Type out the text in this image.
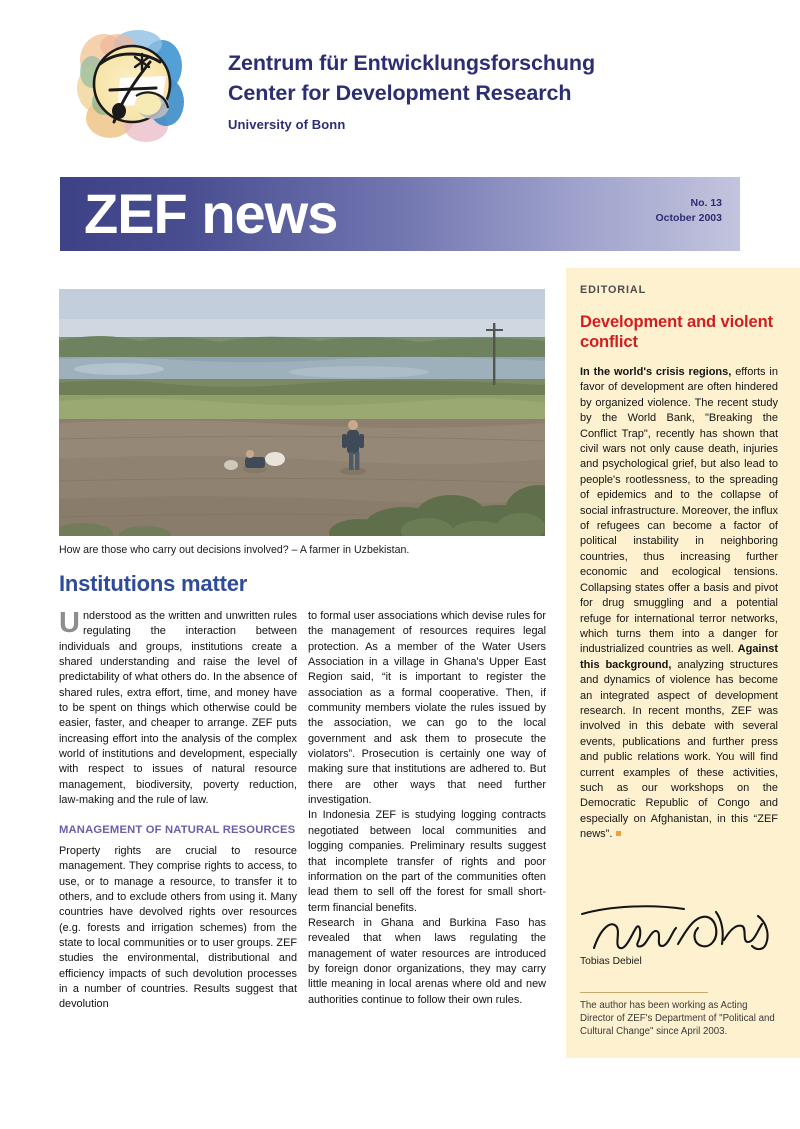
Zentrum für Entwicklungsforschung
Center for Development Research
University of Bonn
ZEF news	No. 13
October 2003
How are those who carry out decisions involved? – A farmer in Uzbekistan.
Institutions matter

Understood as the written and unwritten rules regulating the interaction between individuals and groups, institutions create a shared understanding and raise the level of predictability of what others do. In the absence of shared rules, extra effort, time, and money have to be spent on things which otherwise could be easier, faster, and cheaper to arrange. ZEF puts increasing effort into the analysis of the complex world of institutions and development, especially with respect to issues of natural resource management, biodiversity, poverty reduction, law-making and the rule of law.

MANAGEMENT OF NATURAL RESOURCES

Property rights are crucial to resource management. They comprise rights to access, to use, or to manage a resource, to transfer it to others, and to exclude others from using it. Many countries have devolved rights over resources (e.g. forests and irrigation schemes) from the state to local communities or to user groups. ZEF studies the environmental, distributional and efficiency impacts of such devolution processes in a number of countries. Results suggest that devolution

to formal user associations which devise rules for the management of resources requires legal protection. As a member of the Water Users Association in a village in Ghana's Upper East Region said, “it is important to register the association as a formal cooperative. Then, if community members violate the rules issued by the association, we can go to the local government and ask them to prosecute the violators”. Prosecution is certainly one way of making sure that institutions are adhered to. But there are other ways that need further investigation.

In Indonesia ZEF is studying logging contracts negotiated between local communities and logging companies. Preliminary results suggest that incomplete transfer of rights and poor information on the part of the communities often lead them to sell off the forest for small short-term financial benefits.

Research in Ghana and Burkina Faso has revealed that when laws regulating the management of water resources are introduced by foreign donor organizations, they may carry little meaning in local arenas where old and new authorities continue to follow their own rules.

EDITORIAL
Development and violent conflict
In the world's crisis regions, efforts in favor of development are often hindered by organized violence. The recent study by the World Bank, "Breaking the Conflict Trap", recently has shown that civil wars not only cause death, injuries and psychological grief, but also lead to people's rootlessness, to the spreading of epidemics and to the collapse of social infrastructure. Moreover, the influx of refugees can become a factor of political instability in neighboring countries, thus increasing further economic and ecological tensions. Collapsing states offer a basis and pivot for drug smuggling and a potential refuge for international terror networks, which turns them into a danger for industrialized countries as well. Against this background, analyzing structures and dynamics of violence has become an integrated aspect of development research. In recent months, ZEF was involved in this debate with several events, publications and further press and public relations work. You will find current examples of these activities, such as our workshops on the Democratic Republic of Congo and especially on Afghanistan, in this “ZEF news”.
Tobias Debiel
The author has been working as Acting Director of ZEF's Department of "Political and Cultural Change" since April 2003.
